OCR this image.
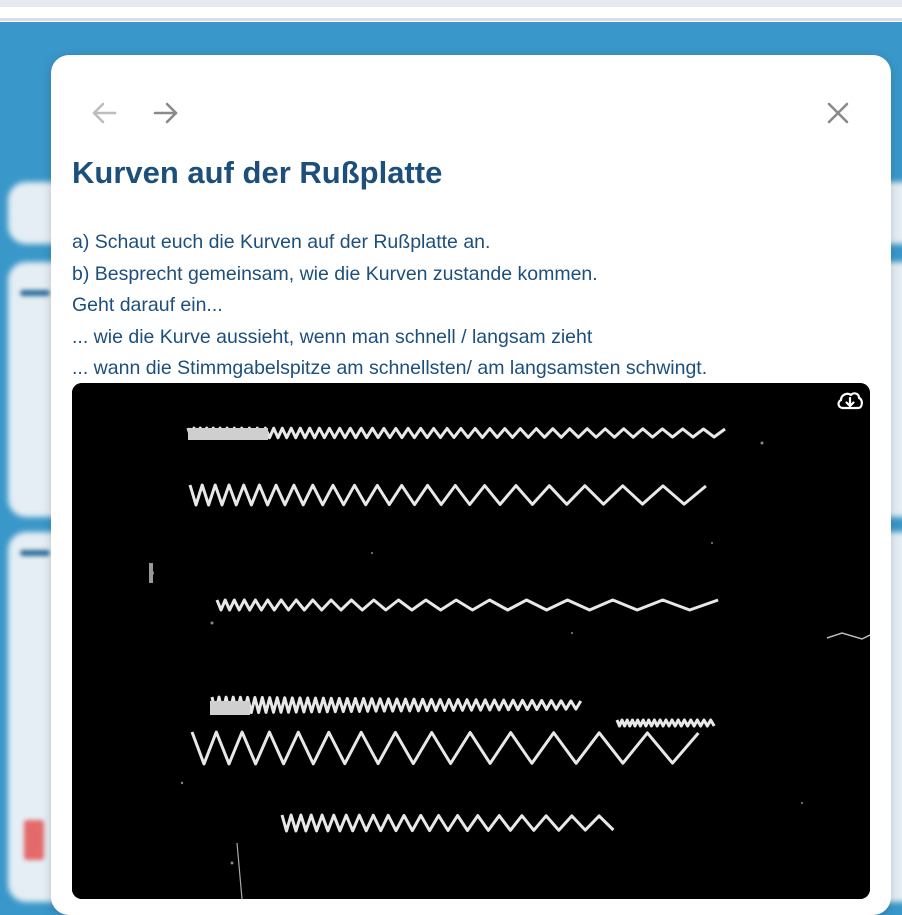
Kurven auf der Rußplatte
a) Schaut euch die Kurven auf der Rußplatte an.
b) Besprecht gemeinsam, wie die Kurven zustande kommen.
Geht darauf ein...
... wie die Kurve aussieht, wenn man schnell / langsam zieht
... wann die Stimmgabelspitze am schnellsten/ am langsamsten schwingt.
